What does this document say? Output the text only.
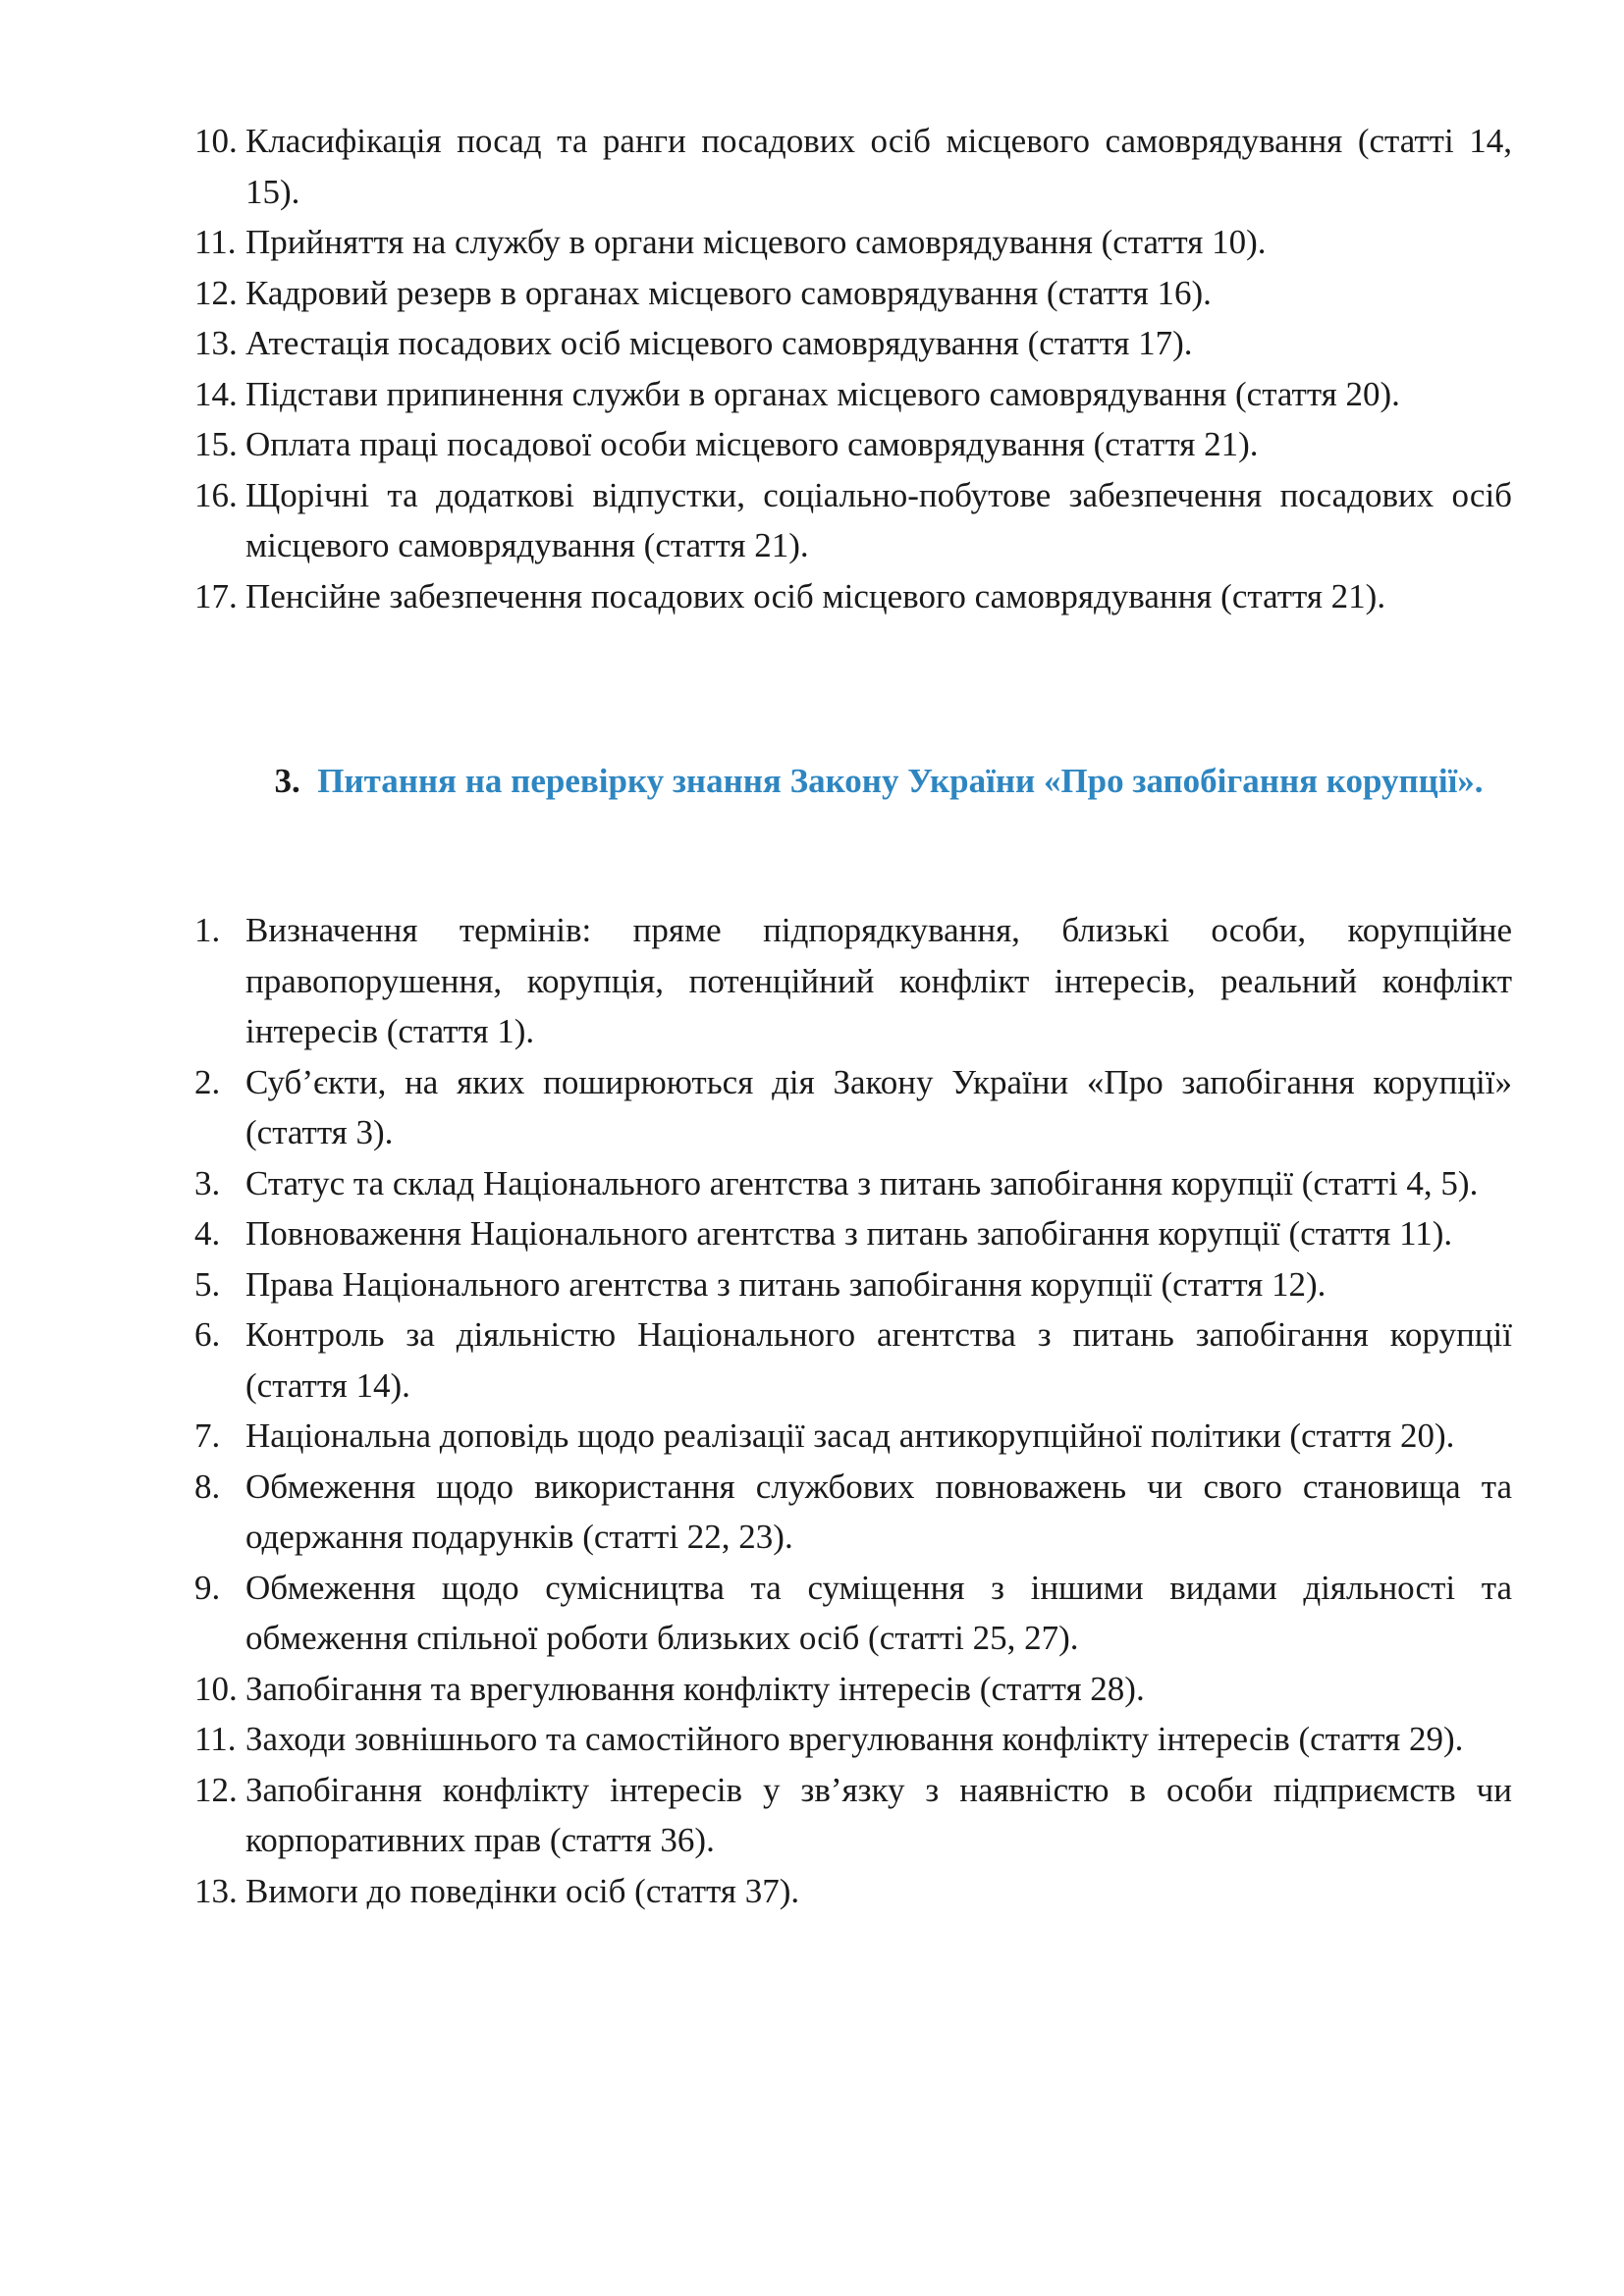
10. Класифікація посад та ранги посадових осіб місцевого самоврядування (статті 14, 15).
11. Прийняття на службу в органи місцевого самоврядування (стаття 10).
12. Кадровий резерв в органах місцевого самоврядування (стаття 16).
13. Атестація посадових осіб місцевого самоврядування (стаття 17).
14. Підстави припинення служби в органах місцевого самоврядування (стаття 20).
15. Оплата праці посадової особи місцевого самоврядування (стаття 21).
16. Щорічні та додаткові відпустки, соціально-побутове забезпечення посадових осіб місцевого самоврядування (стаття 21).
17. Пенсійне забезпечення посадових осіб місцевого самоврядування (стаття 21).
3. Питання на перевірку знання Закону України «Про запобігання корупції».
1. Визначення термінів: пряме підпорядкування, близькі особи, корупційне правопорушення, корупція, потенційний конфлікт інтересів, реальний конфлікт інтересів (стаття 1).
2. Суб’єкти, на яких поширюються дія Закону України «Про запобігання корупції» (стаття 3).
3. Статус та склад Національного агентства з питань запобігання корупції (статті 4, 5).
4. Повноваження Національного агентства з питань запобігання корупції (стаття 11).
5. Права Національного агентства з питань запобігання корупції (стаття 12).
6. Контроль за діяльністю Національного агентства з питань запобігання корупції (стаття 14).
7. Національна доповідь щодо реалізації засад антикорупційної політики (стаття 20).
8. Обмеження щодо використання службових повноважень чи свого становища та одержання подарунків (статті 22, 23).
9. Обмеження щодо сумісництва та суміщення з іншими видами діяльності та обмеження спільної роботи близьких осіб (статті 25, 27).
10. Запобігання та врегулювання конфлікту інтересів (стаття 28).
11. Заходи зовнішнього та самостійного врегулювання конфлікту інтересів (стаття 29).
12. Запобігання конфлікту інтересів у зв’язку з наявністю в особи підприємств чи корпоративних прав (стаття 36).
13. Вимоги до поведінки осіб (стаття 37).
